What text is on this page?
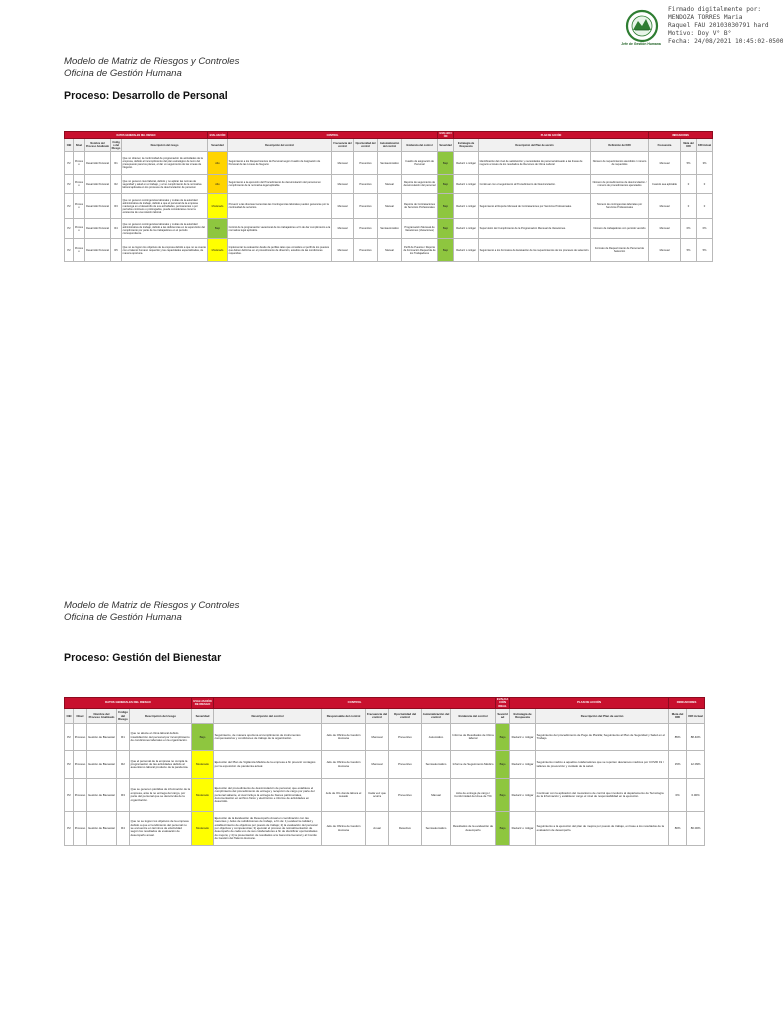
Jefe de Gestión Humana
Firmado digitalmente por:
MENDOZA TORRES Maria
Raquel FAU 20103030791 hard
Motivo: Doy V° B°
Fecha: 24/08/2021 10:45:02-0500
Modelo de Matriz de Riesgos y Controles
Oficina de Gestión Humana
Proceso: Desarrollo de Personal
DATOS GENERALES DEL RIESGO					EVALUACIÓN	CONTROL					EVALUACIÓN	PLAN DE ACCIÓN			INDICADORES		
OEI	Nivel	Nombre del Proceso Analizado	Código del Riesgo	Descripción del riesgo	Severidad	Descripción del control	Frecuencia del control	Oportunidad del control	Automatización del control	Evidencia del control	Severidad	Estrategia de Respuesta	Descripción del Plan de acción	Definición del KRI	Frecuencia	Meta del KRI	KRI Actual
P2	Proceso	Desarrollo Personal	R1	Que no obtener, la conformidad de programación de actividades de la empresa, debido al incumplimiento del plan estratégico de lucro del presupuesto para los planes, el dar un seguimiento de las Líneas de Negocio.	Alto	Seguimiento a los Requerimientos de Personal según Cuadro de Asignación de Personal de las Líneas de Negocio	Mensual	Preventivo	Semiautomático	Cuadro de asignación de Personal	Bajo	Reducir o mitigar	Identificación del nivel de satisfacción y necesidades de personal alineado a las líneas de negocio a través de los resultados de Recursos de Clima Laboral	Número de requerimientos atendidos / número de requeridos	Mensual	5%	3%
P2	Proceso	Desarrollo Personal	R2	Que no generen nivel laboral, debido y no aplicar las normas de seguridad y salud en el trabajo, y al no cumplimiento de la normativa laboral aplicada en los procesos de desvinculación de personal.	Alto	Seguimiento a la ejecución del Procedimiento de desvinculación del personal en cumplimiento de la normativa legal aplicable.	Mensual	Preventivo	Manual	Reporte de seguimiento de desvinculación del personal	Bajo	Reducir o mitigar	Continuar con el seguimiento al Procedimiento de Desvinculación.	Número de procedimientos de desvinculación / número de procedimientos ejecutados	Cuando sea aplicable	0	0
P2	Proceso	Desarrollo Personal	R3	Que no generen contingencias laborales y multas de la autoridad administrativa de trabajo, debido a que el personal de la empresa mantenga en el desarrollo de sus actividades, permanentes o por períodos continuos o prolongados, puede considerarse como la existencia de una relación laboral.	Moderado	Prevenir a las diversas Gerencias las Contingencias laborales pueden generarse por la continuidad de servicios.	Mensual	Preventivo	Manual	Reporte de Contrataciones de Servicios Profesionales	Bajo	Reducir o mitigar	Seguimiento al Reporte Mensual de Contrataciones por Servicios Profesionales.	Número de contingencias laborales por Servicios Profesionales	Mensual	0	0
P2	Proceso	Desarrollo Personal	R4	Que no generen contingencias laborales y multas de la autoridad administrativa de trabajo, debido a las deficiencias en la supervisión del cumplimiento por parte de los trabajadores en el período correspondiente.	Bajo	Control de la programación vacacional de los trabajadores a fin de dar cumplimiento a la normativa legal aplicable.	Mensual	Preventivo	Semiautomático	Programación Mensual de Vacaciones (Vacaciones)	Bajo	Reducir o mitigar	Supervisión del Cumplimiento de la Programación Mensual de Vacaciones.	Número de trabajadores con período vencido	Mensual	0%	0%
P2	Proceso	Desarrollo Personal	R5	Que no se logren los objetivos de la empresa debido a que no se cuente con el talento humano requerido y las capacidades especializadas, de manera oportuna.	Moderado	Implementar la evaluación desde de perfiles tales que considere el perfil de los puestos que deben definirse en el procedimiento de dirección, estudios de las condiciones requeridas.	Mensual	Preventivo	Manual	Perfil de Puestos / Reporte de Formación Requerida de los Trabajadores	Bajo	Reducir o mitigar	Seguimiento a los Formatos de Evaluación de los requerimientos de los procesos de selección.	Formato de Requerimiento de Personal de Selección	Mensual	5%	5%
Modelo de Matriz de Riesgos y Controles
Oficina de Gestión Humana
Proceso: Gestión del Bienestar
DATOS GENERALES DEL RIESGO					EVALUACIÓN DE RIESGO	CONTROL						EVALUACIÓN IDEAL	PLAN DE ACCIÓN		INDICADORES	
OEI	Nivel	Nombre del Proceso Analizado	Código del Riesgo	Descripción del riesgo	Severidad	Descripción del control	Responsable del control	Frecuencia del control	Oportunidad del control	Automatización del control	Evidencia del control	Severidad	Estrategia de Respuesta	Descripción del Plan de acción	Meta del KRI	KRI Actual
P2	Proceso	Gestión de Bienestar	R1	Que no afecte el clima laboral debido insatisfacción del personal por incumplimiento de condiciones laborales en la organización.	Bajo	Seguimiento, de manera oportuna al cumplimiento de instrumentos compensatorios y condiciones de trabajo de la organización.	Jefe de Oficina de Gestión Humana	Mensual	Preventivo	Automático	Informe de Resultados de Clima laboral	Bajo	Reducir o mitigar	Seguimiento del procedimiento de Pago de Planilla; Seguimiento al Plan de Seguridad y Salud en el Trabajo.	85%	88.40%
P2	Proceso	Gestión de Bienestar	R2	Que el personal de la empresa no cumpla la programación de las actividades debido al ausentismo laboral producto de la pandemia.	Moderado	Ejecución del Plan de Vigilancia Médica de la empresa a fin prevenir contagios por la exposición de pandemia actual.	Jefe de Oficina de Gestión Humana	Mensual	Preventivo	Semiautomático	Informe de Seguimiento Médico	Bajo	Reducir o mitigar	Seguimiento médico a aquellos colaboradores que se reporten descansos médicos por COVID 19 / talleres de prevención y cuidado de la salud.	15%	12.09%
P2	Proceso	Gestión de Bienestar	R3	Que se generen pérdidas de información de la empresa, ante la no entrega del cargo, por parte del personal que se desvincula de la organización.	Moderado	Ejecución del procedimiento de desvinculación de personal, que establece el cumplimiento del procedimiento de entrega y recepción de cargo por parte del personal saliente, el cual incluye la entrega de bienes patrimoniales, documentación en archivo físico y electrónico e informe de actividades en desarrollo.	Jefe de OG donde labora el cesado	Cada vez que ocurra	Preventivo	Manual	Acta de entrega de cargo / Conformidad del Área de TIC	Bajo	Reducir o mitigar	Continuar con la aplicación del mecanismo de control que involucre al departamento de Tecnología de la Información y establecer cargo el nivel de responsabilidad en la ejecución.	0%	0.00%
P2	Proceso	Gestión de Bienestar	R4	Que no se logren los objetivos de la empresa debido a que el rendimiento del personal no se encuentre en términos de efectividad según los resultados de evaluación de desempeño anual.	Moderado	Ejecución de la Evaluación de Desempeño Anual en coordinación con las Gerentes y Jefes de subdivisiones de trabajo, a fin de: 1) evaluar la calidad y establecimiento de objetivos por puesto de trabajo; 2) la evaluación del personal por objetivos y competencias; 3) ejecutar el proceso de retroalimentación de desempeño de cada uno de sus colaboradores a fin de identificar oportunidades de mejora; y 4) la presentación de resultados a la Gerencia General y al Comité de Gestión del Talento Humano.	Jefe de Oficina de Gestión Humana	Anual	Detectivo	Semiautomático	Resultados de la evaluación de desempeño	Bajo	Reducir o mitigar	Seguimiento a la ejecución del plan de mejora por puesto de trabajo, en base a los resultados de la evaluación de desempeño.	80%	80.00%
